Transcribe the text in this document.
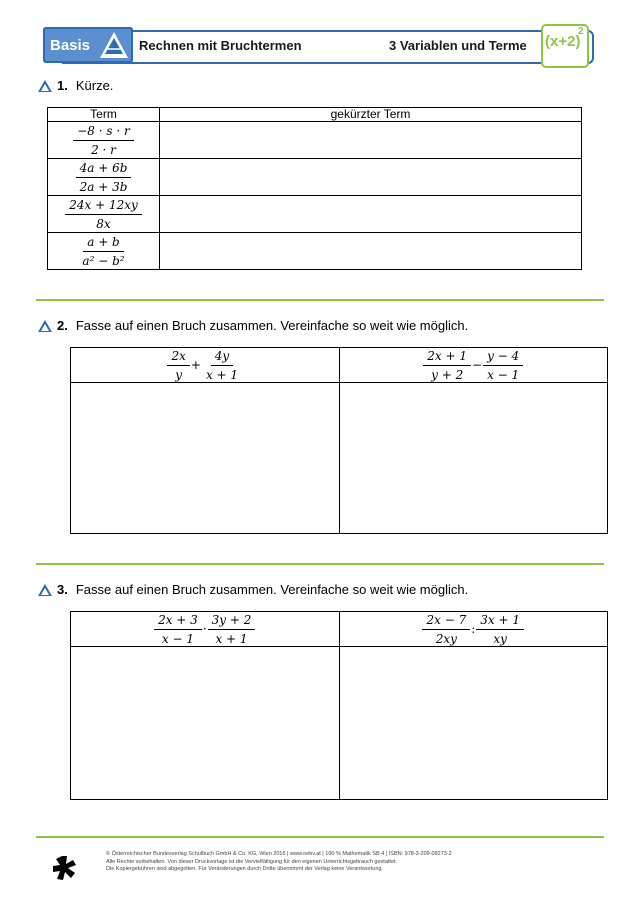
Basis	Rechnen mit Bruchtermen	3 Variablen und Terme (x+2)
2
1. Kürze.
Term	gekürzter Term

$\frac{-8 \cdot s \cdot r}{2 \cdot r}$

$\frac{4a + 6b}{2a + 3b}$

$\frac{24x + 12xy}{8x}$

$\frac{a + b}{\text{a² − b²}}$

2. Fasse auf einen Bruch zusammen. Vereinfache so weit wie möglich.
$\frac{2x}{y} + \frac{4y}{x + 1}$	$\frac{2x + 1}{y + 2} - \frac{y - 4}{x - 1}$

3. Fasse auf einen Bruch zusammen. Vereinfache so weit wie möglich.
$\frac{2x + 3}{x - 1} \cdot \frac{3y + 2}{x + 1}$	$\frac{2x - 7}{2xy}$ : $\frac{3x + 1}{xy}$

© Österreichischer Bundesverlag Schulbuch GmbH & Co. KG, Wien 2016 | www.oebv.at | 100 % Mathematik SB 4 | ISBN: 978-3-209-08273-2
Alle Rechte vorbehalten. Von dieser Druckvorlage ist die Vervielfältigung für den eigenen Unterrichtsgebrauch gestattet.
Die Kopiergebühren sind abgegolten. Für Veränderungen durch Dritte übernimmt der Verlag keine Verantwortung.
